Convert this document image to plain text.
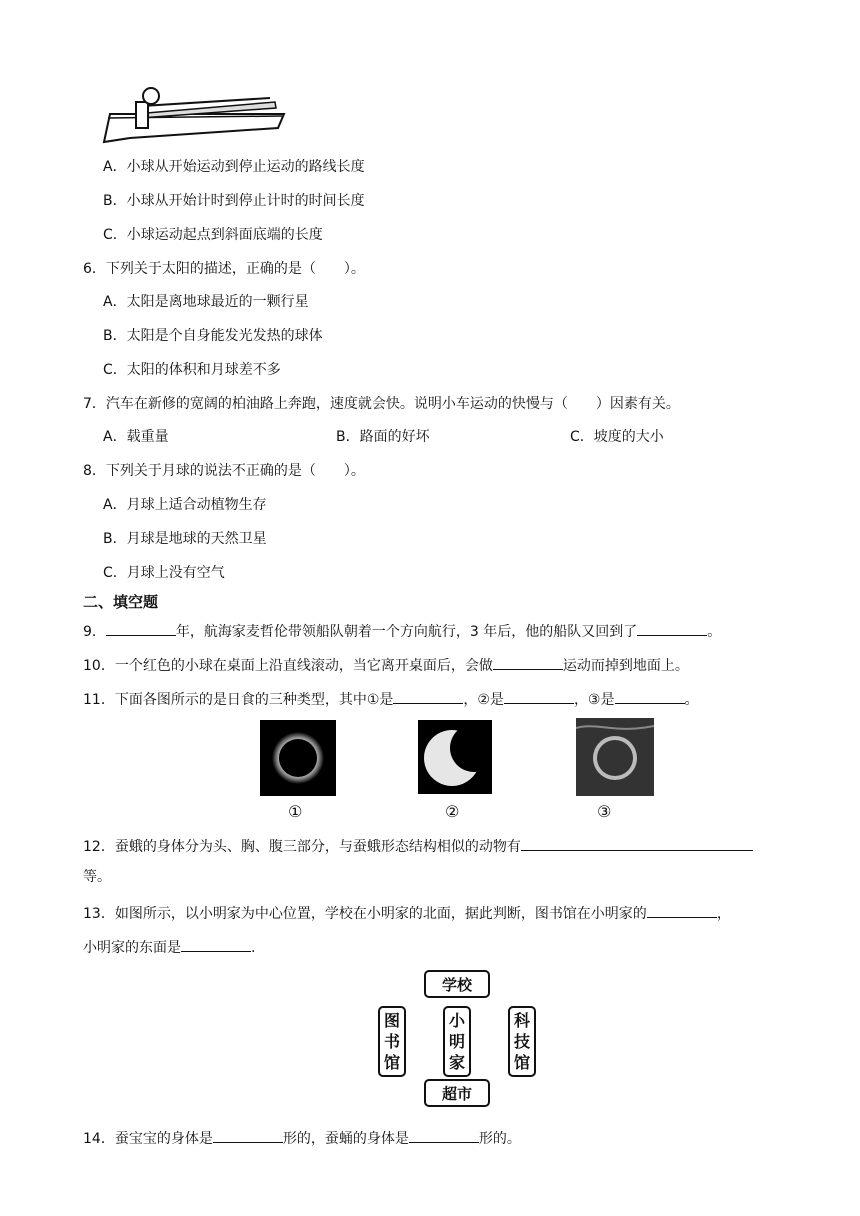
A．小球从开始运动到停止运动的路线长度
B．小球从开始计时到停止计时的时间长度
C．小球运动起点到斜面底端的长度
6．下列关于太阳的描述，正确的是（　　）。
A．太阳是离地球最近的一颗行星
B．太阳是个自身能发光发热的球体
C．太阳的体积和月球差不多
7．汽车在新修的宽阔的柏油路上奔跑，速度就会快。说明小车运动的快慢与（　　）因素有关。
A．载重量	B．路面的好坏	C．坡度的大小
8．下列关于月球的说法不正确的是（　　）。
A．月球上适合动植物生存
B．月球是地球的天然卫星
C．月球上没有空气
二、填空题
9．	年，航海家麦哲伦带领船队朝着一个方向航行，3 年后，他的船队又回到了	。
10．一个红色的小球在桌面上沿直线滚动，当它离开桌面后，会做	运动而掉到地面上。
11．下面各图所示的是日食的三种类型，其中①是	，②是	，③是	。
①	②	③
12．蚕蛾的身体分为头、胸、腹三部分，与蚕蛾形态结构相似的动物有
等。
13．如图所示，以小明家为中心位置，学校在小明家的北面，据此判断，图书馆在小明家的	，
小明家的东面是	.
学校
图
书
馆
小
明
家
科
技
馆
超市
14．蚕宝宝的身体是	形的，蚕蛹的身体是	形的。
